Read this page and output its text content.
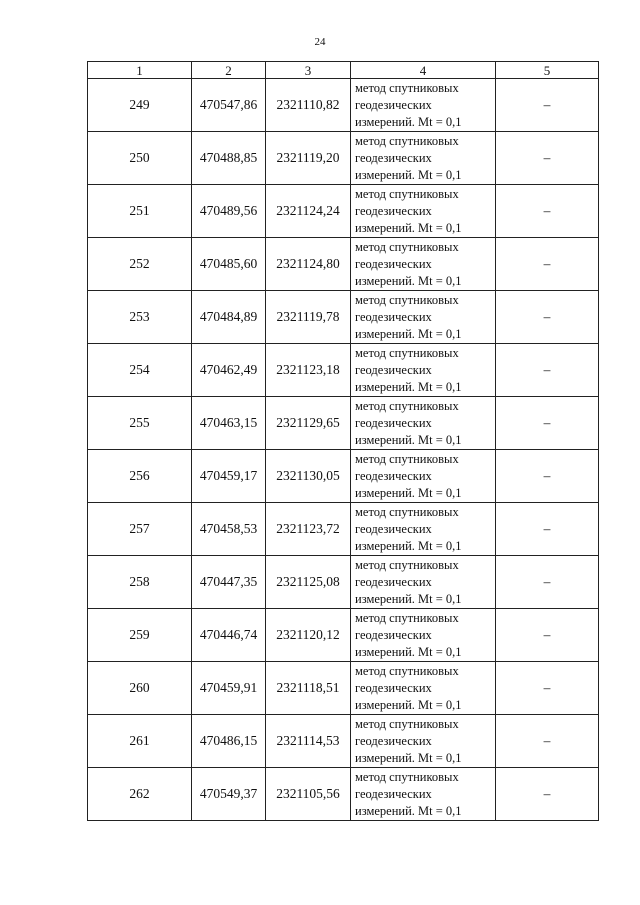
24
1	2	3	4	5
249	470547,86	2321110,82	метод спутниковых
геодезических
измерений. Mt = 0,1	–
250	470488,85	2321119,20	метод спутниковых
геодезических
измерений. Mt = 0,1	–
251	470489,56	2321124,24	метод спутниковых
геодезических
измерений. Mt = 0,1	–
252	470485,60	2321124,80	метод спутниковых
геодезических
измерений. Mt = 0,1	–
253	470484,89	2321119,78	метод спутниковых
геодезических
измерений. Mt = 0,1	–
254	470462,49	2321123,18	метод спутниковых
геодезических
измерений. Mt = 0,1	–
255	470463,15	2321129,65	метод спутниковых
геодезических
измерений. Mt = 0,1	–
256	470459,17	2321130,05	метод спутниковых
геодезических
измерений. Mt = 0,1	–
257	470458,53	2321123,72	метод спутниковых
геодезических
измерений. Mt = 0,1	–
258	470447,35	2321125,08	метод спутниковых
геодезических
измерений. Mt = 0,1	–
259	470446,74	2321120,12	метод спутниковых
геодезических
измерений. Mt = 0,1	–
260	470459,91	2321118,51	метод спутниковых
геодезических
измерений. Mt = 0,1	–
261	470486,15	2321114,53	метод спутниковых
геодезических
измерений. Mt = 0,1	–
262	470549,37	2321105,56	метод спутниковых
геодезических
измерений. Mt = 0,1	–
